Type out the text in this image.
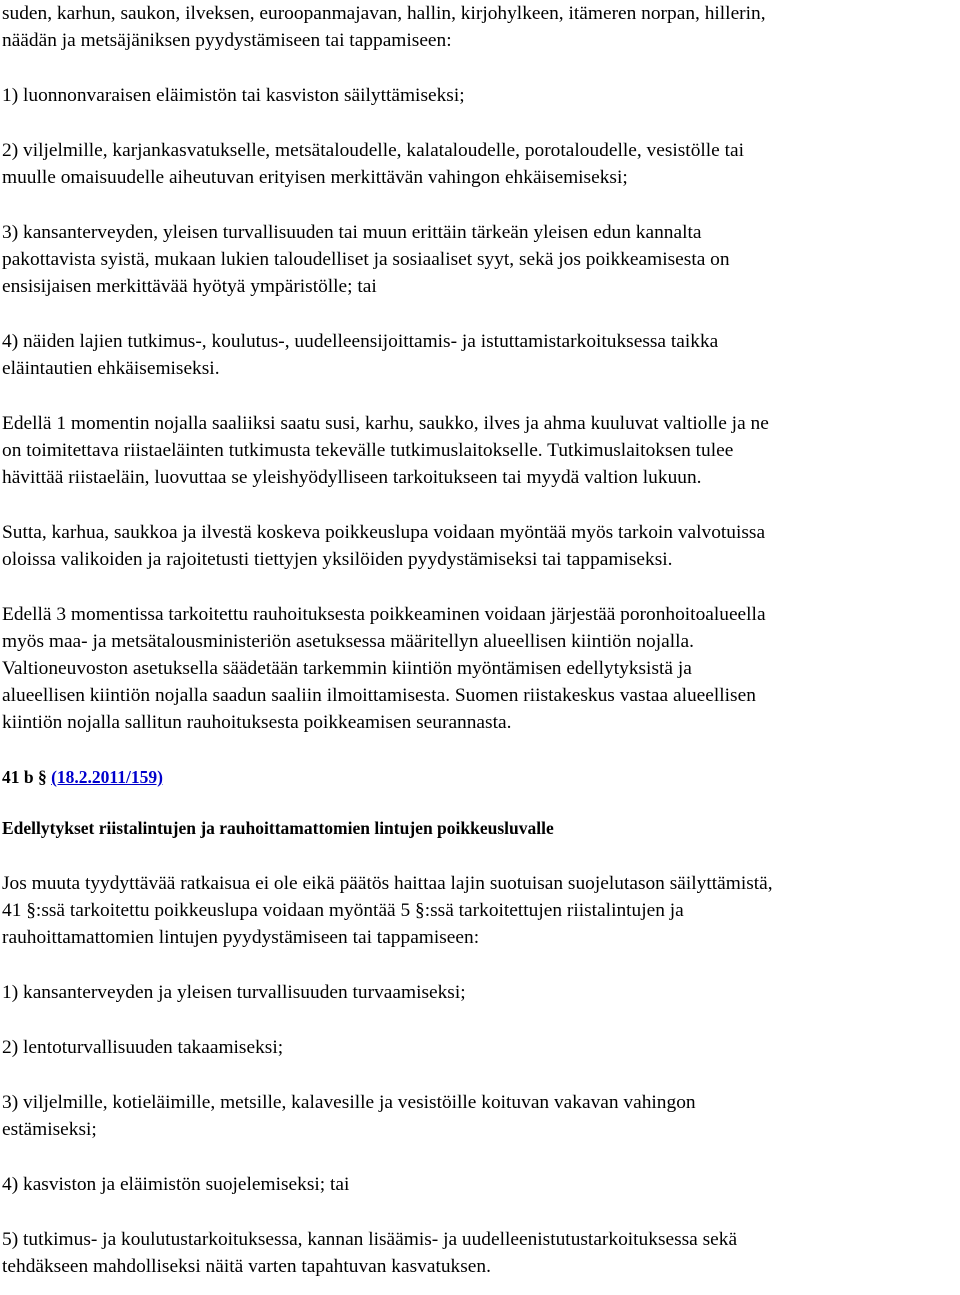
suden, karhun, saukon, ilveksen, euroopanmajavan, hallin, kirjohylkeen, itämeren norpan, hillerin,
näädän ja metsäjäniksen pyydystämiseen tai tappamiseen:

1) luonnonvaraisen eläimistön tai kasviston säilyttämiseksi;

2) viljelmille, karjankasvatukselle, metsätaloudelle, kalataloudelle, porotaloudelle, vesistölle tai
muulle omaisuudelle aiheutuvan erityisen merkittävän vahingon ehkäisemiseksi;

3) kansanterveyden, yleisen turvallisuuden tai muun erittäin tärkeän yleisen edun kannalta
pakottavista syistä, mukaan lukien taloudelliset ja sosiaaliset syyt, sekä jos poikkeamisesta on
ensisijaisen merkittävää hyötyä ympäristölle; tai

4) näiden lajien tutkimus-, koulutus-, uudelleensijoittamis- ja istuttamistarkoituksessa taikka
eläintautien ehkäisemiseksi.

Edellä 1 momentin nojalla saaliiksi saatu susi, karhu, saukko, ilves ja ahma kuuluvat valtiolle ja ne
on toimitettava riistaeläinten tutkimusta tekevälle tutkimuslaitokselle. Tutkimuslaitoksen tulee
hävittää riistaeläin, luovuttaa se yleishyödylliseen tarkoitukseen tai myydä valtion lukuun.

Sutta, karhua, saukkoa ja ilvestä koskeva poikkeuslupa voidaan myöntää myös tarkoin valvotuissa
oloissa valikoiden ja rajoitetusti tiettyjen yksilöiden pyydystämiseksi tai tappamiseksi.

Edellä 3 momentissa tarkoitettu rauhoituksesta poikkeaminen voidaan järjestää poronhoitoalueella
myös maa- ja metsätalousministeriön asetuksessa määritellyn alueellisen kiintiön nojalla.
Valtioneuvoston asetuksella säädetään tarkemmin kiintiön myöntämisen edellytyksistä ja
alueellisen kiintiön nojalla saadun saaliin ilmoittamisesta. Suomen riistakeskus vastaa alueellisen
kiintiön nojalla sallitun rauhoituksesta poikkeamisen seurannasta.

41 b § (18.2.2011/159)
Edellytykset riistalintujen ja rauhoittamattomien lintujen poikkeusluvalle

Jos muuta tyydyttävää ratkaisua ei ole eikä päätös haittaa lajin suotuisan suojelutason säilyttämistä,
41 §:ssä tarkoitettu poikkeuslupa voidaan myöntää 5 §:ssä tarkoitettujen riistalintujen ja
rauhoittamattomien lintujen pyydystämiseen tai tappamiseen:

1) kansanterveyden ja yleisen turvallisuuden turvaamiseksi;

2) lentoturvallisuuden takaamiseksi;

3) viljelmille, kotieläimille, metsille, kalavesille ja vesistöille koituvan vakavan vahingon
estämiseksi;

4) kasviston ja eläimistön suojelemiseksi; tai

5) tutkimus- ja koulutustarkoituksessa, kannan lisäämis- ja uudelleenistutustarkoituksessa sekä
tehdäkseen mahdolliseksi näitä varten tapahtuvan kasvatuksen.
